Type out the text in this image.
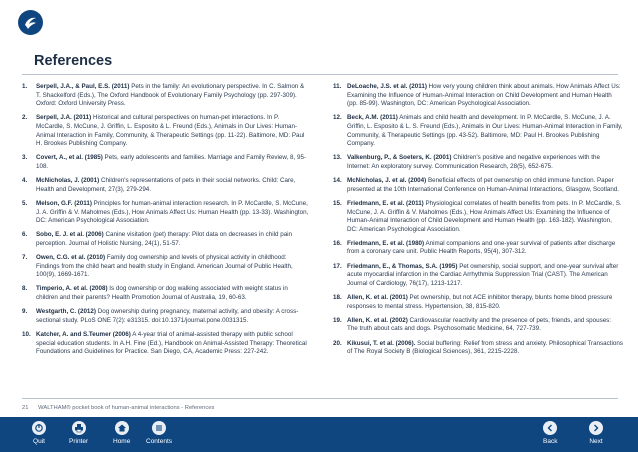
References
1. Serpell, J.A., & Paul, E.S. (2011) Pets in the family: An evolutionary perspective. In C. Salmon & T. Shackelford (Eds.), The Oxford Handbook of Evolutionary Family Psychology (pp. 297-309). Oxford: Oxford University Press.
2. Serpell, J.A. (2011) Historical and cultural perspectives on human-pet interactions. In P. McCardle, S. McCune, J. Griffin, L. Esposito & L. Freund (Eds.), Animals in Our Lives: Human-Animal Interaction in Family, Community, & Therapeutic Settings (pp. 11-22). Baltimore, MD: Paul H. Brookes Publishing Company.
3. Covert, A., et al. (1985) Pets, early adolescents and families. Marriage and Family Review, 8, 95-108.
4. McNicholas, J. (2001) Children's representations of pets in their social networks. Child: Care, Health and Development, 27(3), 279-294.
5. Melson, G.F. (2011) Principles for human-animal interaction research. In P. McCardle, S. McCune, J. A. Griffin & V. Maholmes (Eds.), How Animals Affect Us: Human Health (pp. 13-33). Washington, DC: American Psychological Association.
6. Sobo, E. J. et al. (2006) Canine visitation (pet) therapy: Pilot data on decreases in child pain perception. Journal of Holistic Nursing, 24(1), 51-57.
7. Owen, C.G. et al. (2010) Family dog ownership and levels of physical activity in childhood: Findings from the child heart and health study in England. American Journal of Public Health, 100(9), 1669-1671.
8. Timperio, A. et al. (2008) Is dog ownership or dog walking associated with weight status in children and their parents? Health Promotion Journal of Australia, 19, 60-63.
9. Westgarth, C. (2012) Dog ownership during pregnancy, maternal activity, and obesity: A cross-sectional study. PLoS ONE 7(2): e31315. doi:10.1371/journal.pone.0031315.
10. Katcher, A. and S.Teumer (2006) A 4-year trial of animal-assisted therapy with public school special education students. In A.H. Fine (Ed.), Handbook on Animal-Assisted Therapy: Theoretical Foundations and Guidelines for Practice. San Diego, CA, Academic Press: 227-242.
11. DeLoache, J.S. et al. (2011) How very young children think about animals. How Animals Affect Us: Examining the Influence of Human-Animal Interaction on Child Development and Human Health (pp. 85-99). Washington, DC: American Psychological Association.
12. Beck, A.M. (2011) Animals and child health and development. In P. McCardle, S. McCune, J. A. Griffin, L. Esposito & L. S. Freund (Eds.), Animals in Our Lives: Human-Animal Interaction in Family, Community, & Therapeutic Settings (pp. 43-52). Baltimore, MD: Paul H. Brookes Publishing Company.
13. Valkenburg, P., & Soeters, K. (2001) Children's positive and negative experiences with the Internet: An exploratory survey. Communication Research, 28(5), 652-675.
14. McNicholas, J. et al. (2004) Beneficial effects of pet ownership on child immune function. Paper presented at the 10th International Conference on Human-Animal Interactions, Glasgow, Scotland.
15. Friedmann, E. et al. (2011) Physiological correlates of health benefits from pets. In P. McCardle, S. McCune, J. A. Griffin & V. Maholmes (Eds.), How Animals Affect Us: Examining the Influence of Human-Animal Interaction of Child Development and Human Health (pp. 163-182). Washington, DC: American Psychological Association.
16. Friedmann, E. et al. (1980) Animal companions and one-year survival of patients after discharge from a coronary care unit. Public Health Reports, 95(4), 307-312.
17. Friedmann, E., & Thomas, S.A. (1995) Pet ownership, social support, and one-year survival after acute myocardial infarction in the Cardiac Arrhythmia Suppression Trial (CAST). The American Journal of Cardiology, 76(17), 1213-1217.
18. Allen, K. et al. (2001) Pet ownership, but not ACE inhibitor therapy, blunts home blood pressure responses to mental stress. Hypertension, 38, 815-820.
19. Allen, K. et al. (2002) Cardiovascular reactivity and the presence of pets, friends, and spouses: The truth about cats and dogs. Psychosomatic Medicine, 64, 727-739.
20. Kikusui, T. et al. (2006). Social buffering: Relief from stress and anxiety. Philosophical Transactions of The Royal Society B (Biological Sciences), 361, 2215-2228.
21 WALTHAM® pocket book of human-animal interactions - References
Quit	Printer	Home Contents	Back	Next
